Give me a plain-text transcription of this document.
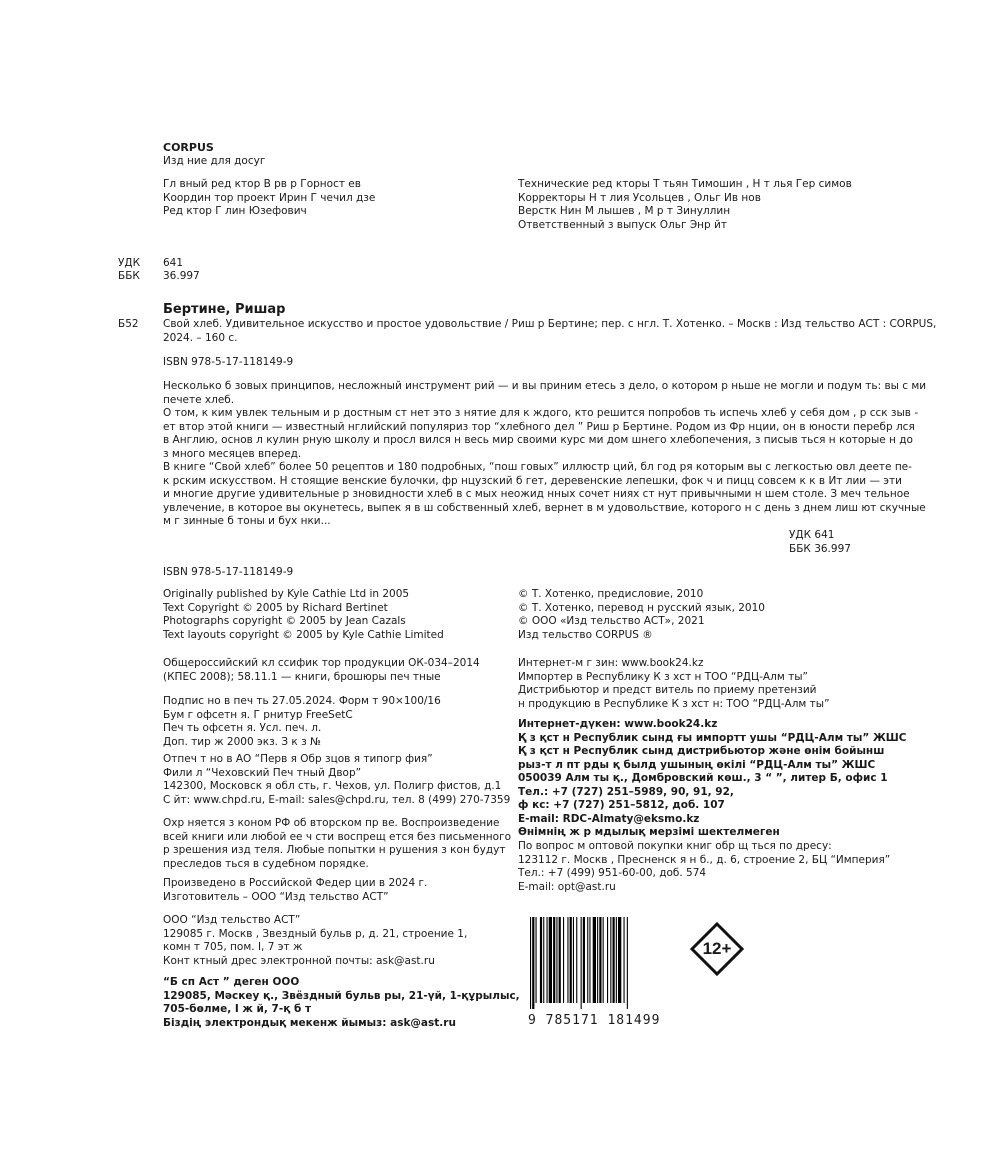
CORPUS
Изд ние для досуг
Гл вный ред ктор В рв р Горност ев
Координ тор проект Ирин Г чечил дзе
Ред ктор Г лин Юзефович
Технические ред кторы Т тьян Тимошин , Н т лья Гер симов
Корректоры Н т лия Усольцев , Ольг Ив нов
Верстк Нин М лышев , М р т Зинуллин
Ответственный з выпуск Ольг Энр йт
УДК 641
ББК 36.997
Бертине, Ришар
Б52 Свой хлеб. Удивительное искусство и простое удовольствие / Риш р Бертине; пер. с нгл. Т. Хотенко. – Москв : Изд тельство АСТ : CORPUS,
2024. – 160 с.
ISBN 978-5-17-118149-9
Несколько б зовых принципов, несложный инструмент рий — и вы приним етесь з дело, о котором р ньше не могли и подум ть: вы с ми
печете хлеб.
О том, к ким увлек тельным и р достным ст нет это з нятие для к ждого, кто решится попробов ть испечь хлеб у себя дом , р сск зыв -
ет втор этой книги — известный нглийский популяриз тор “хлебного дел ” Риш р Бертине. Родом из Фр нции, он в юности перебр лся
в Англию, основ л кулин рную школу и просл вился н весь мир своими курс ми дом шнего хлебопечения, з писыв ться н которые н до
з много месяцев вперед.
В книге “Свой хлеб” более 50 рецептов и 180 подробных, “пош говых” иллюстр ций, бл год ря которым вы с легкостью овл деете пе-
к рским искусством. Н стоящие венские булочки, фр нцузский б гет, деревенские лепешки, фок ч и пицц совсем к к в Ит лии — эти
и многие другие удивительные р зновидности хлеб в с мых неожид нных сочет ниях ст нут привычными н шем столе. З меч тельное
увлечение, в которое вы окунетесь, выпек я в ш собственный хлеб, вернет в м удовольствие, которого н с день з днем лиш ют скучные
м г зинные б тоны и бух нки...
УДК 641
ББК 36.997
ISBN 978-5-17-118149-9
Originally published by Kyle Cathie Ltd in 2005
Text Copyright © 2005 by Richard Bertinet
Photographs copyright © 2005 by Jean Cazals
Text layouts copyright © 2005 by Kyle Cathie Limited
© Т. Хотенко, предисловие, 2010
© Т. Хотенко, перевод н русский язык, 2010
© ООО «Изд тельство АСТ», 2021
Изд тельство CORPUS ®
Общероссийский кл ссифик тор продукции ОК-034–2014
(КПЕС 2008); 58.11.1 — книги, брошюры печ тные
Интернет-м г зин: www.book24.kz
Импортер в Республику К з хст н ТОО “РДЦ-Алм ты”
Дистрибьютор и предст витель по приему претензий
н продукцию в Республике К з хст н: ТОО “РДЦ-Алм ты”
Подпис но в печ ть 27.05.2024. Форм т 90×100/16
Бум г офсетн я. Г рнитур FreeSetC
Печ ть офсетн я. Усл. печ. л.
Доп. тир ж 2000 экз. З к з №
Интернет-дүкен: www.book24.kz
Қ з қст н Республик сынд ғы импортт ушы “РДЦ-Алм ты” ЖШС
Қ з қст н Республик сынд дистрибьютор және өнім бойынш
рыз-т л пт рды қ былд ушының өкілі “РДЦ-Алм ты” ЖШС
050039 Алм ты қ., Домбровский көш., 3 “ ”, литер Б, офис 1
Тел.: +7 (727) 251–5989, 90, 91, 92,
ф кс: +7 (727) 251–5812, доб. 107
E-mail: RDC-Almaty@eksmo.kz
Өнімнің ж р мдылық мерзімі шектелмеген
Отпеч т но в АО “Перв я Обр зцов я типогр фия”
Фили л “Чеховский Печ тный Двор”
142300, Московск я обл сть, г. Чехов, ул. Полигр фистов, д.1
С йт: www.chpd.ru, E-mail: sales@chpd.ru, тел. 8 (499) 270-7359
Охр няется з коном РФ об вторском пр ве. Воспроизведение
всей книги или любой ее ч сти воспрещ ется без письменного
р зрешения изд теля. Любые попытки н рушения з кон будут
преследов ться в судебном порядке.
По вопрос м оптовой покупки книг обр щ ться по дресу:
123112 г. Москв , Пресненск я н б., д. 6, строение 2, БЦ “Империя”
Тел.: +7 (499) 951-60-00, доб. 574
E-mail: opt@ast.ru
Произведено в Российской Федер ции в 2024 г.
Изготовитель – ООО “Изд тельство АСТ”
ООО “Изд тельство АСТ”
129085 г. Москв , Звездный бульв р, д. 21, строение 1,
комн т 705, пом. I, 7 эт ж
Конт ктный дрес электронной почты: ask@ast.ru
“Б сп Аст ” деген ООО
129085, Мәскеу қ., Звёздный бульв ры, 21-үй, 1-құрылыс,
705-бөлме, I ж й, 7-қ б т
Біздің электрондық мекенж йымыз: ask@ast.ru	9 785171 181499
12+
